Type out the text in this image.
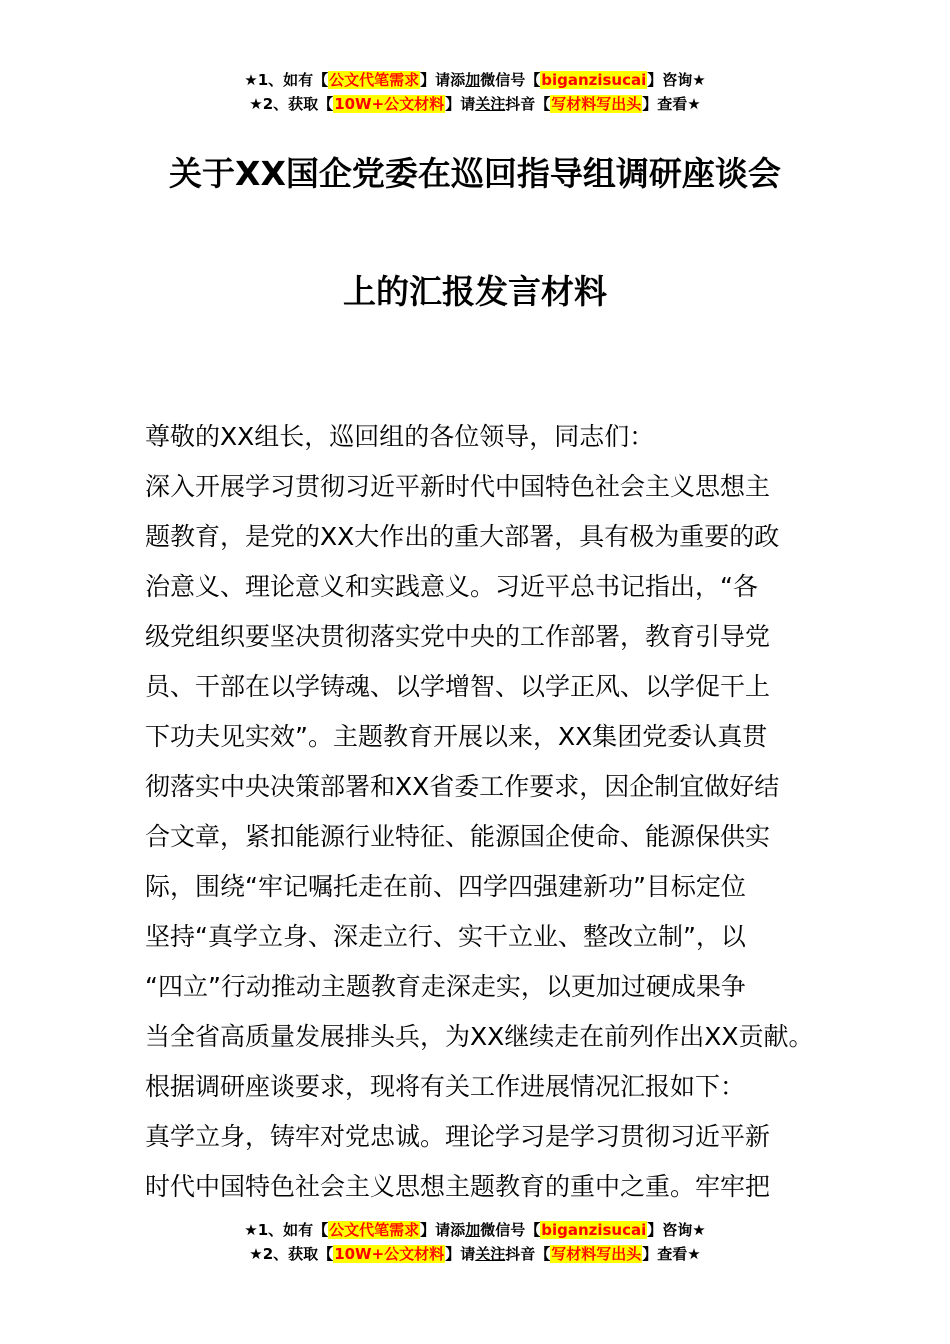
★1、如有【公文代笔需求】请添加微信号【biganzisucai】咨询★
★2、获取【10W+公文材料】请关注抖音【写材料写出头】查看★
关于XX国企党委在巡回指导组调研座谈会
上的汇报发言材料
尊敬的XX组长，巡回组的各位领导，同志们：
深入开展学习贯彻习近平新时代中国特色社会主义思想主
题教育，是党的XX大作出的重大部署，具有极为重要的政
治意义、理论意义和实践意义。习近平总书记指出，“各
级党组织要坚决贯彻落实党中央的工作部署，教育引导党
员、干部在以学铸魂、以学增智、以学正风、以学促干上
下功夫见实效”。主题教育开展以来，XX集团党委认真贯
彻落实中央决策部署和XX省委工作要求，因企制宜做好结
合文章，紧扣能源行业特征、能源国企使命、能源保供实
际，围绕“牢记嘱托走在前、四学四强建新功”目标定位
坚持“真学立身、深走立行、实干立业、整改立制”，以
“四立”行动推动主题教育走深走实，以更加过硬成果争
当全省高质量发展排头兵，为XX继续走在前列作出XX贡献。
根据调研座谈要求，现将有关工作进展情况汇报如下：
真学立身，铸牢对党忠诚。理论学习是学习贯彻习近平新
时代中国特色社会主义思想主题教育的重中之重。牢牢把
★1、如有【公文代笔需求】请添加微信号【biganzisucai】咨询★
★2、获取【10W+公文材料】请关注抖音【写材料写出头】查看★
